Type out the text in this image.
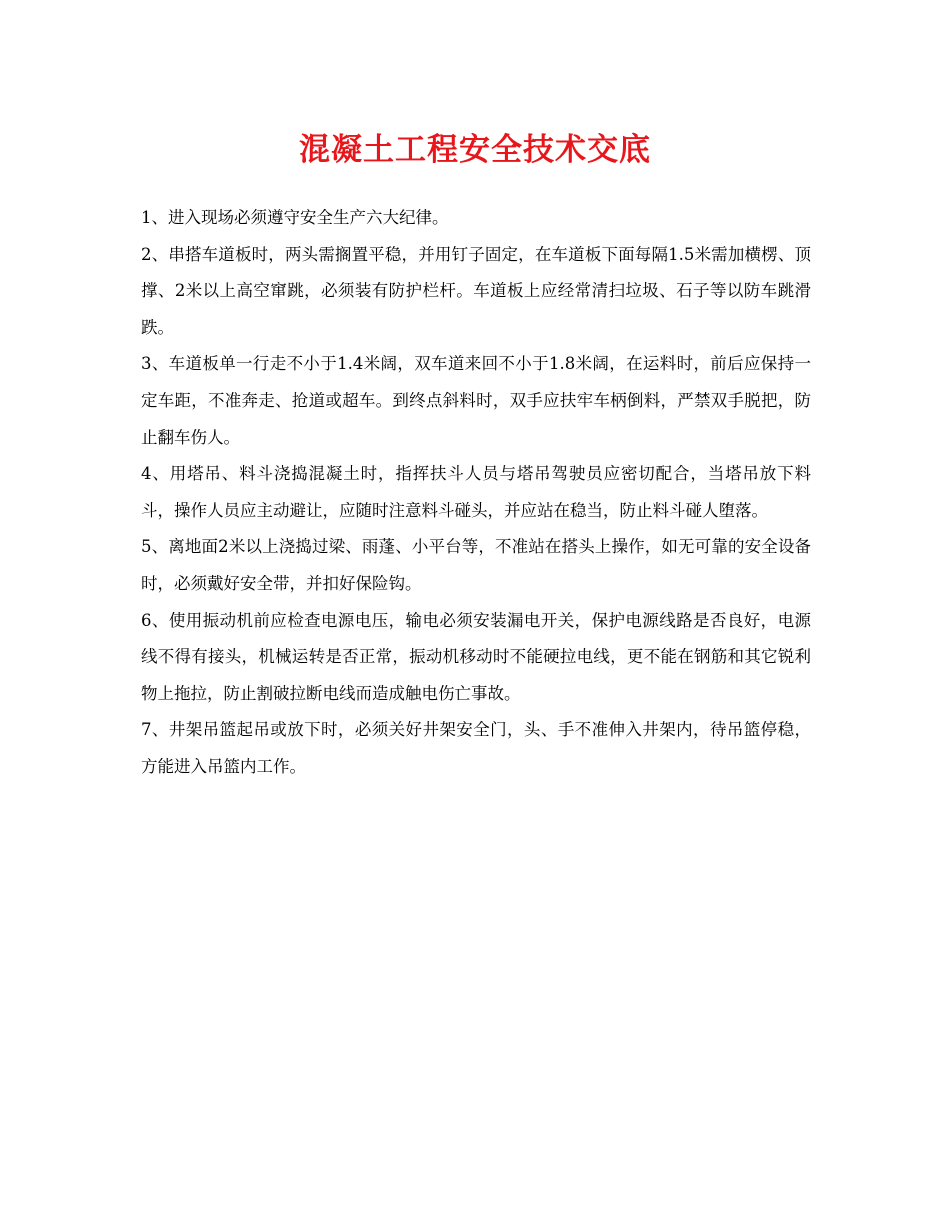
混凝土工程安全技术交底

1、进入现场必须遵守安全生产六大纪律。

2、串搭车道板时，两头需搁置平稳，并用钉子固定，在车道板下面每隔1.5米需加横楞、顶撑、2米以上高空窜跳，必须装有防护栏杆。车道板上应经常清扫垃圾、石子等以防车跳滑跌。

3、车道板单一行走不小于1.4米阔，双车道来回不小于1.8米阔，在运料时，前后应保持一定车距，不准奔走、抢道或超车。到终点斜料时，双手应扶牢车柄倒料，严禁双手脱把，防止翻车伤人。

4、用塔吊、料斗浇捣混凝土时，指挥扶斗人员与塔吊驾驶员应密切配合，当塔吊放下料斗，操作人员应主动避让，应随时注意料斗碰头，并应站在稳当，防止料斗碰人堕落。

5、离地面2米以上浇捣过梁、雨蓬、小平台等，不准站在搭头上操作，如无可靠的安全设备时，必须戴好安全带，并扣好保险钩。

6、使用振动机前应检查电源电压，输电必须安装漏电开关，保护电源线路是否良好，电源线不得有接头，机械运转是否正常，振动机移动时不能硬拉电线，更不能在钢筋和其它锐利物上拖拉，防止割破拉断电线而造成触电伤亡事故。

7、井架吊篮起吊或放下时，必须关好井架安全门，头、手不准伸入井架内，待吊篮停稳，方能进入吊篮内工作。
